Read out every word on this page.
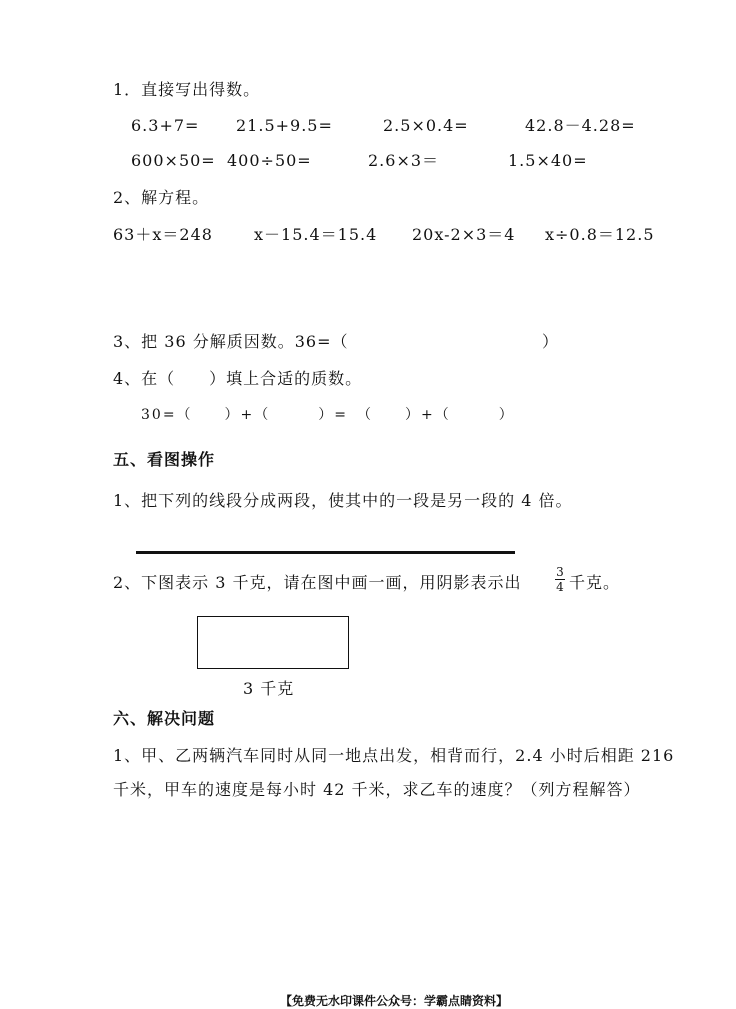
1．直接写出得数。
6.3+7= 21.5+9.5=	2.5×0.4=	42.8－4.28=
600×50= 400÷50=	2.6×3＝	1.5×40=
2、解方程。
63＋x＝248	x－15.4＝15.4 20x-2×3＝4 x÷0.8＝12.5
3、把 36 分解质因数。36=（	）
4、在（　　）填上合适的质数。
30=（　　）+（　　　）=　（　　）+（　　　）
五、看图操作
1、把下列的线段分成两段，使其中的一段是另一段的 4 倍。
2、下图表示 3 千克，请在图中画一画，用阴影表示出
3
4 千克。
3 千克
六、解决问题
1、甲、乙两辆汽车同时从同一地点出发，相背而行，2.4 小时后相距 216
千米，甲车的速度是每小时 42 千米，求乙车的速度？（列方程解答）
【免费无水印课件公众号：学霸点睛资料】
